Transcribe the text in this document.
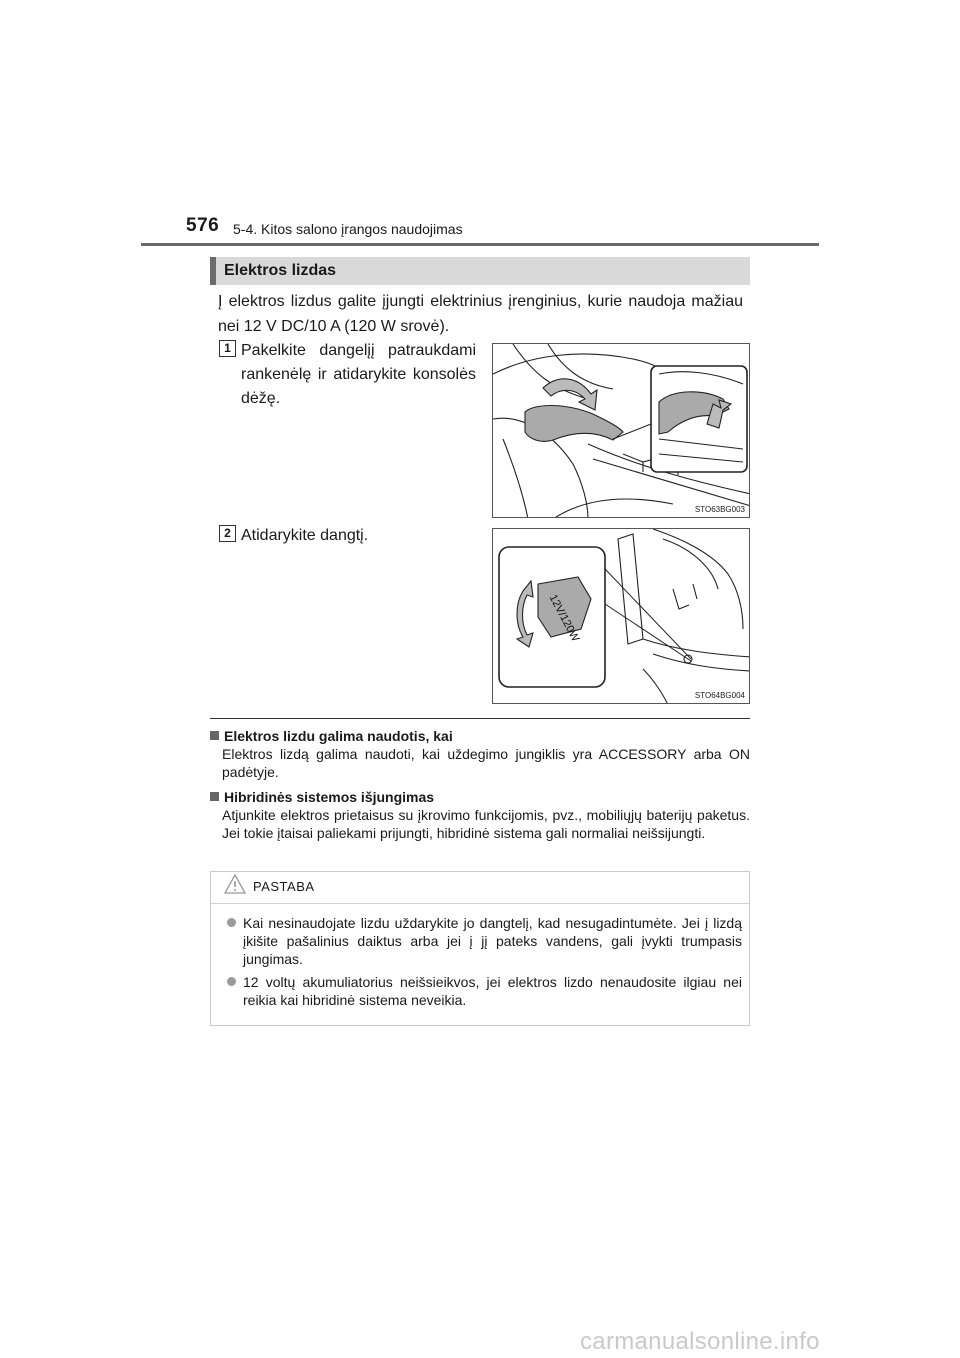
576 5-4. Kitos salono įrangos naudojimas
Elektros lizdas
Į elektros lizdus galite įjungti elektrinius įrenginius, kurie naudoja mažiau nei 12 V DC/10 A (120 W srovė).
1 Pakelkite dangelįį patraukdami rankenėlę ir atidarykite konsolės dėžę.
STO63BG003
2 Atidarykite dangtį.
12V/120W
STO64BG004
Elektros lizdu galima naudotis, kai
Elektros lizdą galima naudoti, kai uždegimo jungiklis yra ACCESSORY arba ON padėtyje.
Hibridinės sistemos išjungimas
Atjunkite elektros prietaisus su įkrovimo funkcijomis, pvz., mobiliųjų baterijų paketus. Jei tokie įtaisai paliekami prijungti, hibridinė sistema gali normaliai neišsijungti.
PASTABA
Kai nesinaudojate lizdu uždarykite jo dangtelį, kad nesugadintumėte. Jei į lizdą įkišite pašalinius daiktus arba jei į jį pateks vandens, gali įvykti trumpasis jungimas.
12 voltų akumuliatorius neišsieikvos, jei elektros lizdo nenaudosite ilgiau nei reikia kai hibridinė sistema neveikia.
carmanualsonline.info
